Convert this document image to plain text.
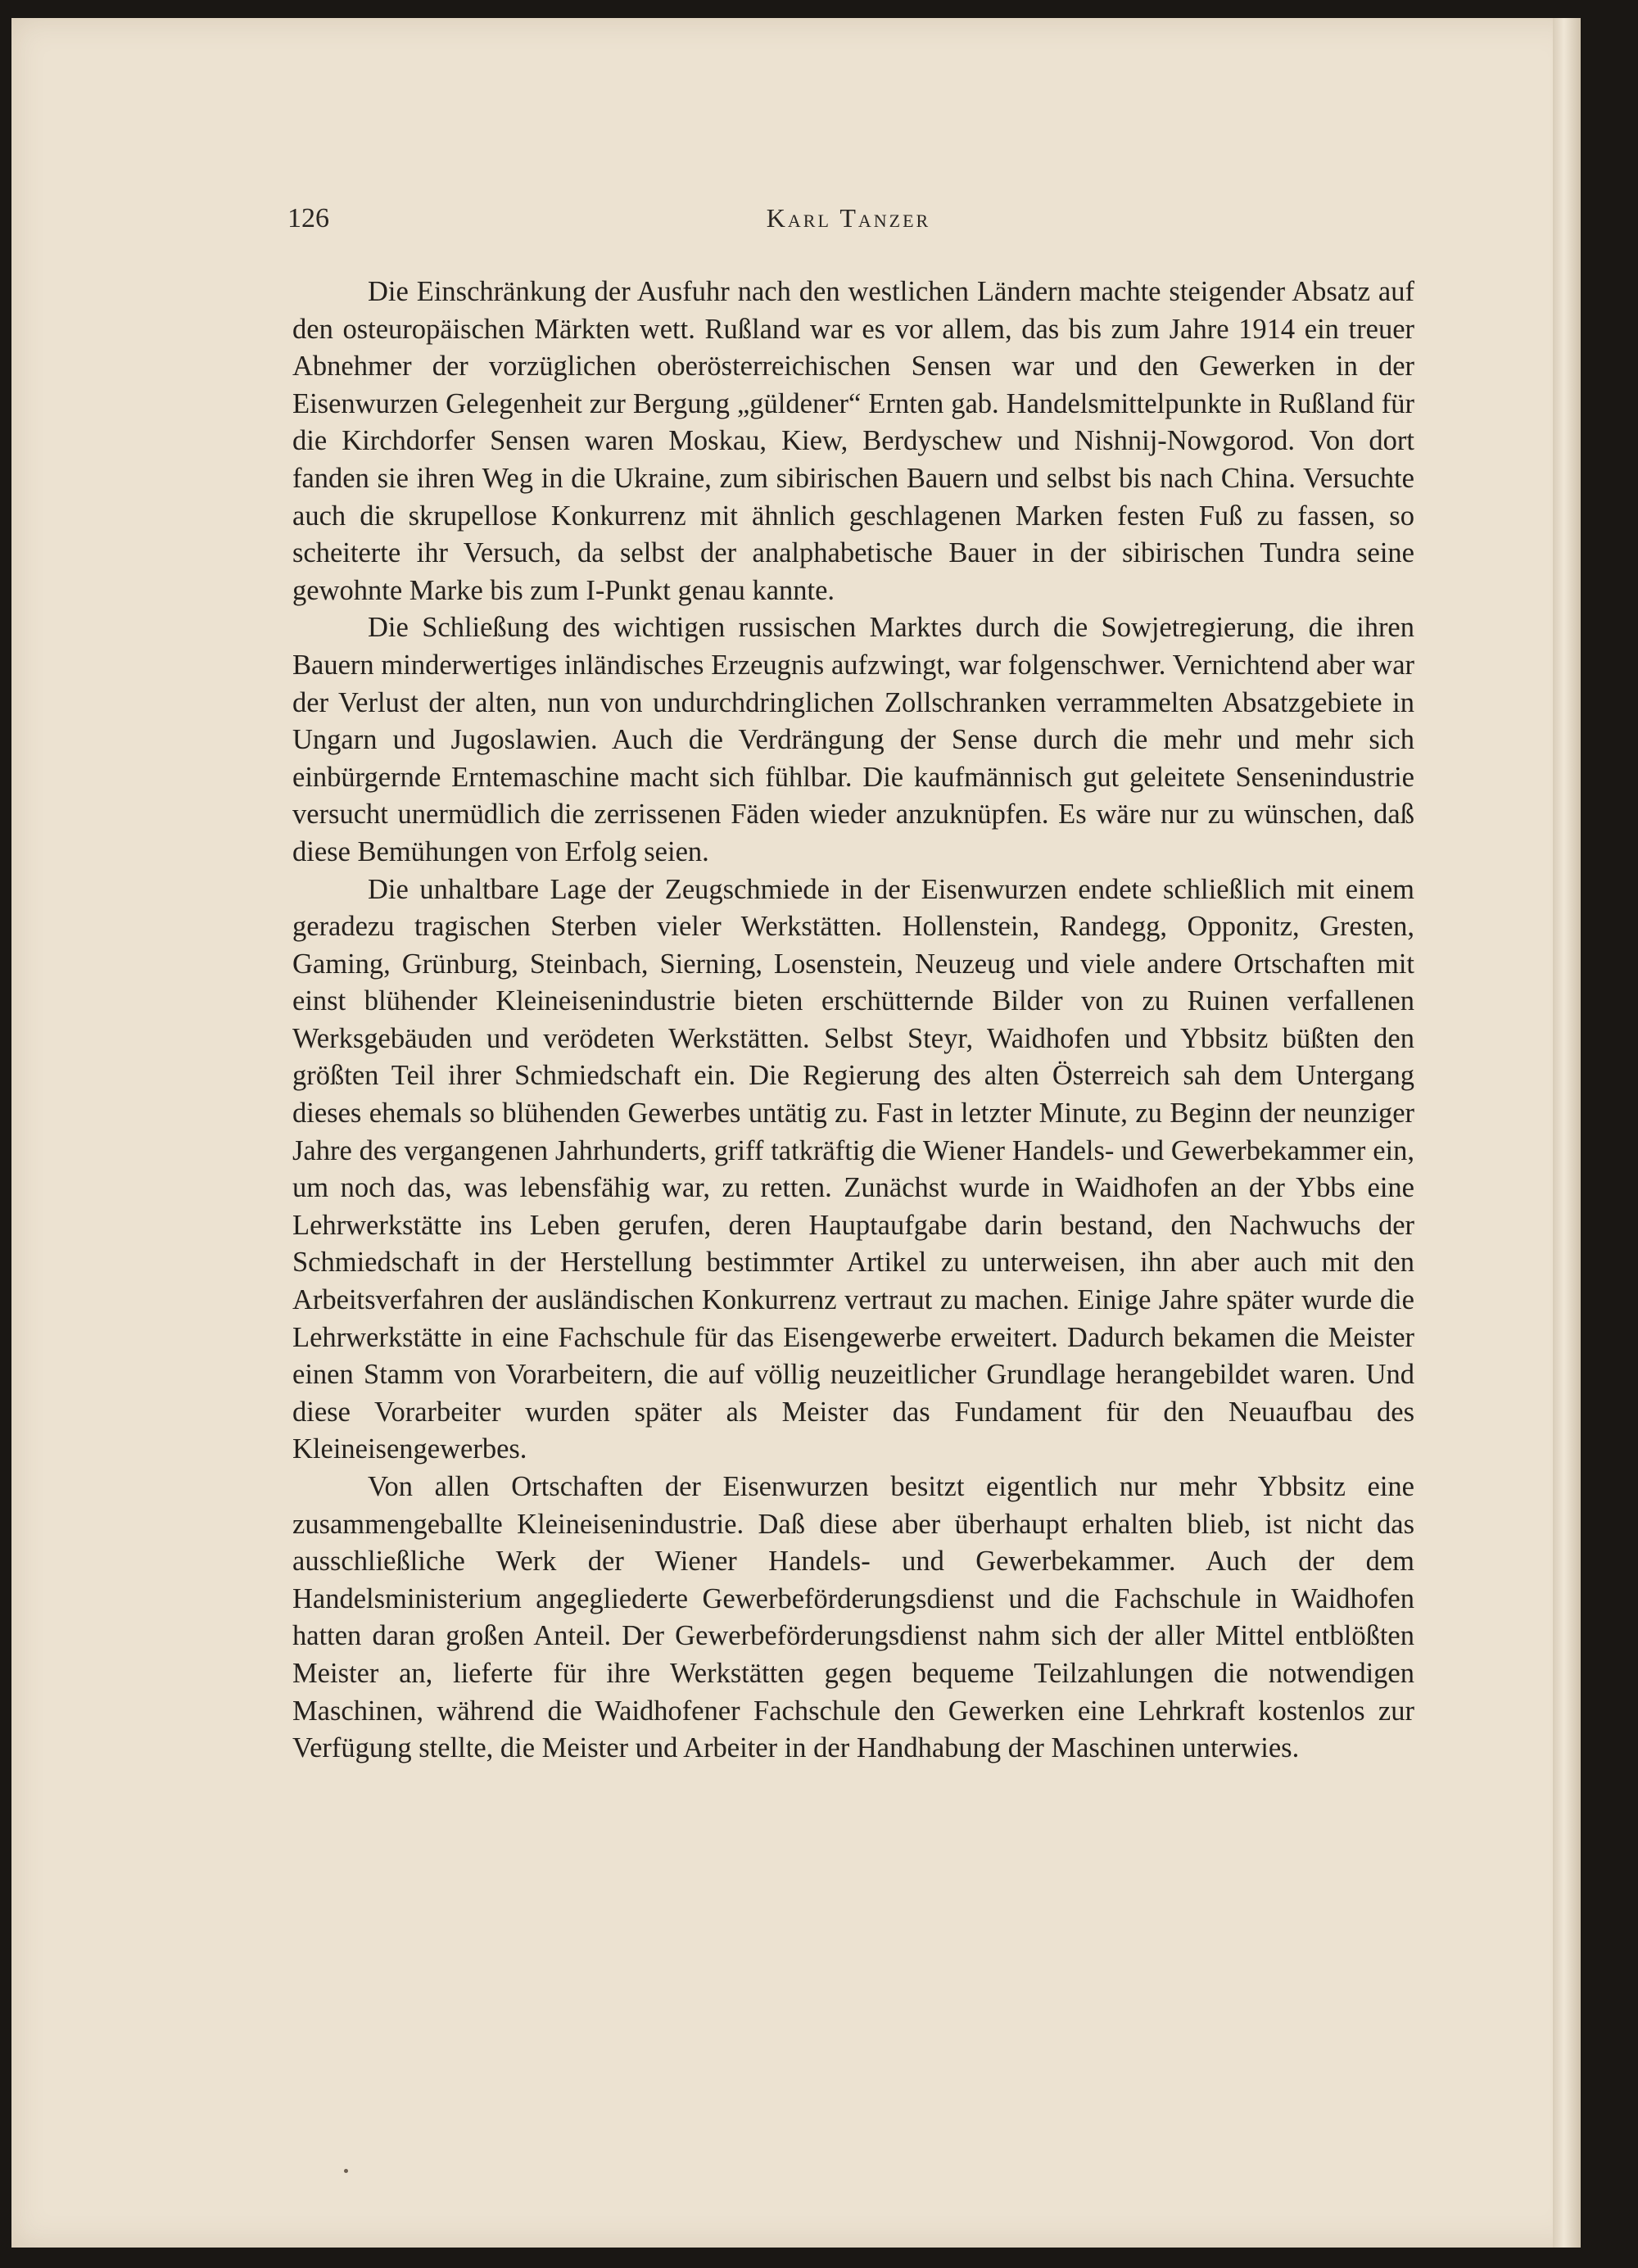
126	Karl Tanzer

Die Einschränkung der Ausfuhr nach den westlichen Ländern machte steigender Absatz auf den osteuropäischen Märkten wett. Rußland war es vor allem, das bis zum Jahre 1914 ein treuer Abnehmer der vorzüglichen oberösterreichischen Sensen war und den Gewerken in der Eisenwurzen Gelegenheit zur Bergung „güldener“ Ernten gab. Handelsmittelpunkte in Rußland für die Kirchdorfer Sensen waren Moskau, Kiew, Berdyschew und Nishnij-Nowgorod. Von dort fanden sie ihren Weg in die Ukraine, zum sibirischen Bauern und selbst bis nach China. Versuchte auch die skrupellose Konkurrenz mit ähnlich geschlagenen Marken festen Fuß zu fassen, so scheiterte ihr Versuch, da selbst der analphabetische Bauer in der sibirischen Tundra seine gewohnte Marke bis zum I-Punkt genau kannte.

Die Schließung des wichtigen russischen Marktes durch die Sowjetregierung, die ihren Bauern minderwertiges inländisches Erzeugnis aufzwingt, war folgenschwer. Vernichtend aber war der Verlust der alten, nun von undurchdringlichen Zollschranken verrammelten Absatzgebiete in Ungarn und Jugoslawien. Auch die Verdrängung der Sense durch die mehr und mehr sich einbürgernde Erntemaschine macht sich fühlbar. Die kaufmännisch gut geleitete Sensenindustrie versucht unermüdlich die zerrissenen Fäden wieder anzuknüpfen. Es wäre nur zu wünschen, daß diese Bemühungen von Erfolg seien.

Die unhaltbare Lage der Zeugschmiede in der Eisenwurzen endete schließlich mit einem geradezu tragischen Sterben vieler Werkstätten. Hollenstein, Randegg, Opponitz, Gresten, Gaming, Grünburg, Steinbach, Sierning, Losenstein, Neuzeug und viele andere Ortschaften mit einst blühender Kleineisenindustrie bieten erschütternde Bilder von zu Ruinen verfallenen Werksgebäuden und verödeten Werkstätten. Selbst Steyr, Waidhofen und Ybbsitz büßten den größten Teil ihrer Schmiedschaft ein. Die Regierung des alten Österreich sah dem Untergang dieses ehemals so blühenden Gewerbes untätig zu. Fast in letzter Minute, zu Beginn der neunziger Jahre des vergangenen Jahrhunderts, griff tatkräftig die Wiener Handels- und Gewerbekammer ein, um noch das, was lebensfähig war, zu retten. Zunächst wurde in Waidhofen an der Ybbs eine Lehrwerkstätte ins Leben gerufen, deren Hauptaufgabe darin bestand, den Nachwuchs der Schmiedschaft in der Herstellung bestimmter Artikel zu unterweisen, ihn aber auch mit den Arbeitsverfahren der ausländischen Konkurrenz vertraut zu machen. Einige Jahre später wurde die Lehrwerkstätte in eine Fachschule für das Eisengewerbe erweitert. Dadurch bekamen die Meister einen Stamm von Vorarbeitern, die auf völlig neuzeitlicher Grundlage herangebildet waren. Und diese Vorarbeiter wurden später als Meister das Fundament für den Neuaufbau des Kleineisengewerbes.

Von allen Ortschaften der Eisenwurzen besitzt eigentlich nur mehr Ybbsitz eine zusammengeballte Kleineisenindustrie. Daß diese aber überhaupt erhalten blieb, ist nicht das ausschließliche Werk der Wiener Handels- und Gewerbekammer. Auch der dem Handelsministerium angegliederte Gewerbeförderungsdienst und die Fachschule in Waidhofen hatten daran großen Anteil. Der Gewerbeförderungsdienst nahm sich der aller Mittel entblößten Meister an, lieferte für ihre Werkstätten gegen bequeme Teilzahlungen die notwendigen Maschinen, während die Waidhofener Fachschule den Gewerken eine Lehrkraft kostenlos zur Verfügung stellte, die Meister und Arbeiter in der Handhabung der Maschinen unterwies.
